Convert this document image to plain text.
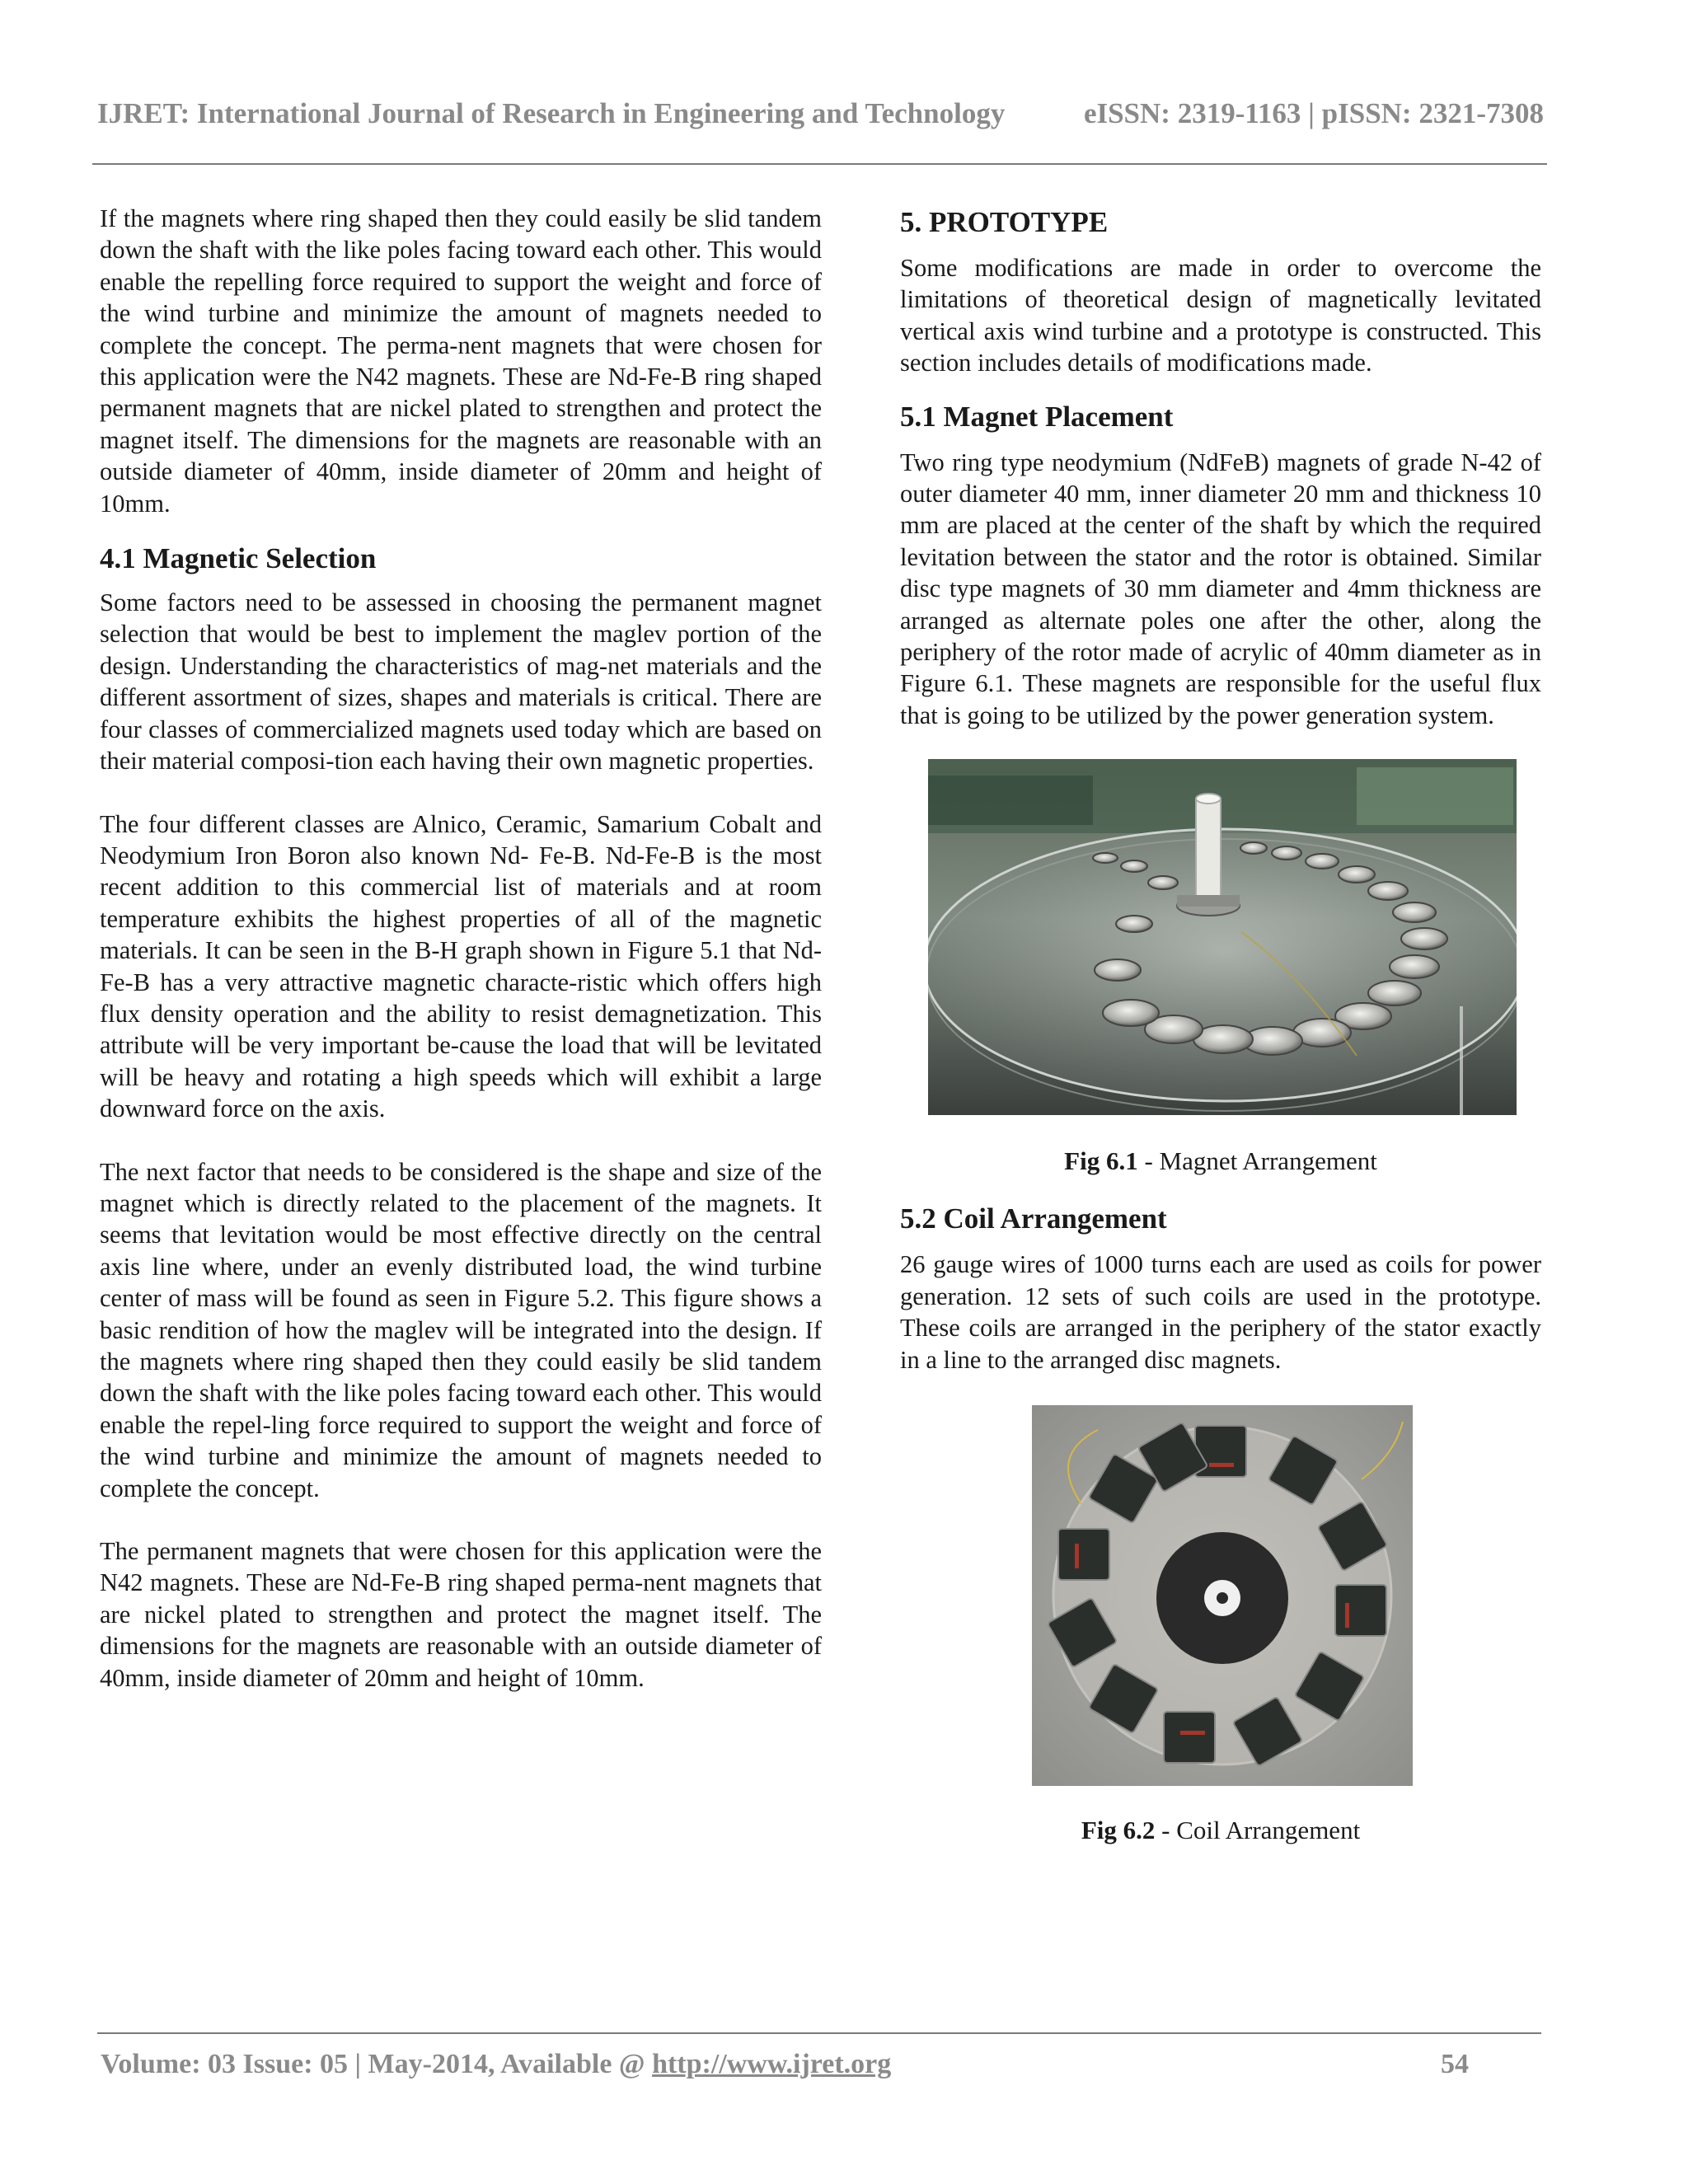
IJRET: International Journal of Research in Engineering and Technology	eISSN: 2319-1163 | pISSN: 2321-7308

If the magnets where ring shaped then they could easily be slid tandem down the shaft with the like poles facing toward each other. This would enable the repelling force required to support the weight and force of the wind turbine and minimize the amount of magnets needed to complete the concept. The perma-nent magnets that were chosen for this application were the N42 magnets. These are Nd-Fe-B ring shaped permanent magnets that are nickel plated to strengthen and protect the magnet itself. The dimensions for the magnets are reasonable with an outside diameter of 40mm, inside diameter of 20mm and height of 10mm.

4.1 Magnetic Selection

Some factors need to be assessed in choosing the permanent magnet selection that would be best to implement the maglev portion of the design. Understanding the characteristics of mag-net materials and the different assortment of sizes, shapes and materials is critical. There are four classes of commercialized magnets used today which are based on their material composi-tion each having their own magnetic properties.

The four different classes are Alnico, Ceramic, Samarium Cobalt and Neodymium Iron Boron also known Nd- Fe-B. Nd-Fe-B is the most recent addition to this commercial list of materials and at room temperature exhibits the highest properties of all of the magnetic materials. It can be seen in the B-H graph shown in Figure 5.1 that Nd-Fe-B has a very attractive magnetic characte-ristic which offers high flux density operation and the ability to resist demagnetization. This attribute will be very important be-cause the load that will be levitated will be heavy and rotating a high speeds which will exhibit a large downward force on the axis.

The next factor that needs to be considered is the shape and size of the magnet which is directly related to the placement of the magnets. It seems that levitation would be most effective directly on the central axis line where, under an evenly distributed load, the wind turbine center of mass will be found as seen in Figure 5.2. This figure shows a basic rendition of how the maglev will be integrated into the design. If the magnets where ring shaped then they could easily be slid tandem down the shaft with the like poles facing toward each other. This would enable the repel-ling force required to support the weight and force of the wind turbine and minimize the amount of magnets needed to complete the concept.

The permanent magnets that were chosen for this application were the N42 magnets. These are Nd-Fe-B ring shaped perma-nent magnets that are nickel plated to strengthen and protect the magnet itself. The dimensions for the magnets are reasonable with an outside diameter of 40mm, inside diameter of 20mm and height of 10mm.

5. PROTOTYPE

Some modifications are made in order to overcome the limitations of theoretical design of magnetically levitated vertical axis wind turbine and a prototype is constructed. This section includes details of modifications made.

5.1 Magnet Placement

Two ring type neodymium (NdFeB) magnets of grade N-42 of outer diameter 40 mm, inner diameter 20 mm and thickness 10 mm are placed at the center of the shaft by which the required levitation between the stator and the rotor is obtained. Similar disc type magnets of 30 mm diameter and 4mm thickness are arranged as alternate poles one after the other, along the periphery of the rotor made of acrylic of 40mm diameter as in Figure 6.1. These magnets are responsible for the useful flux that is going to be utilized by the power generation system.

Fig 6.1 - Magnet Arrangement
5.2 Coil Arrangement

26 gauge wires of 1000 turns each are used as coils for power generation. 12 sets of such coils are used in the prototype. These coils are arranged in the periphery of the stator exactly in a line to the arranged disc magnets.

Fig 6.2 - Coil Arrangement
Volume: 03 Issue: 05 | May-2014, Available @ http://www.ijret.org	54
